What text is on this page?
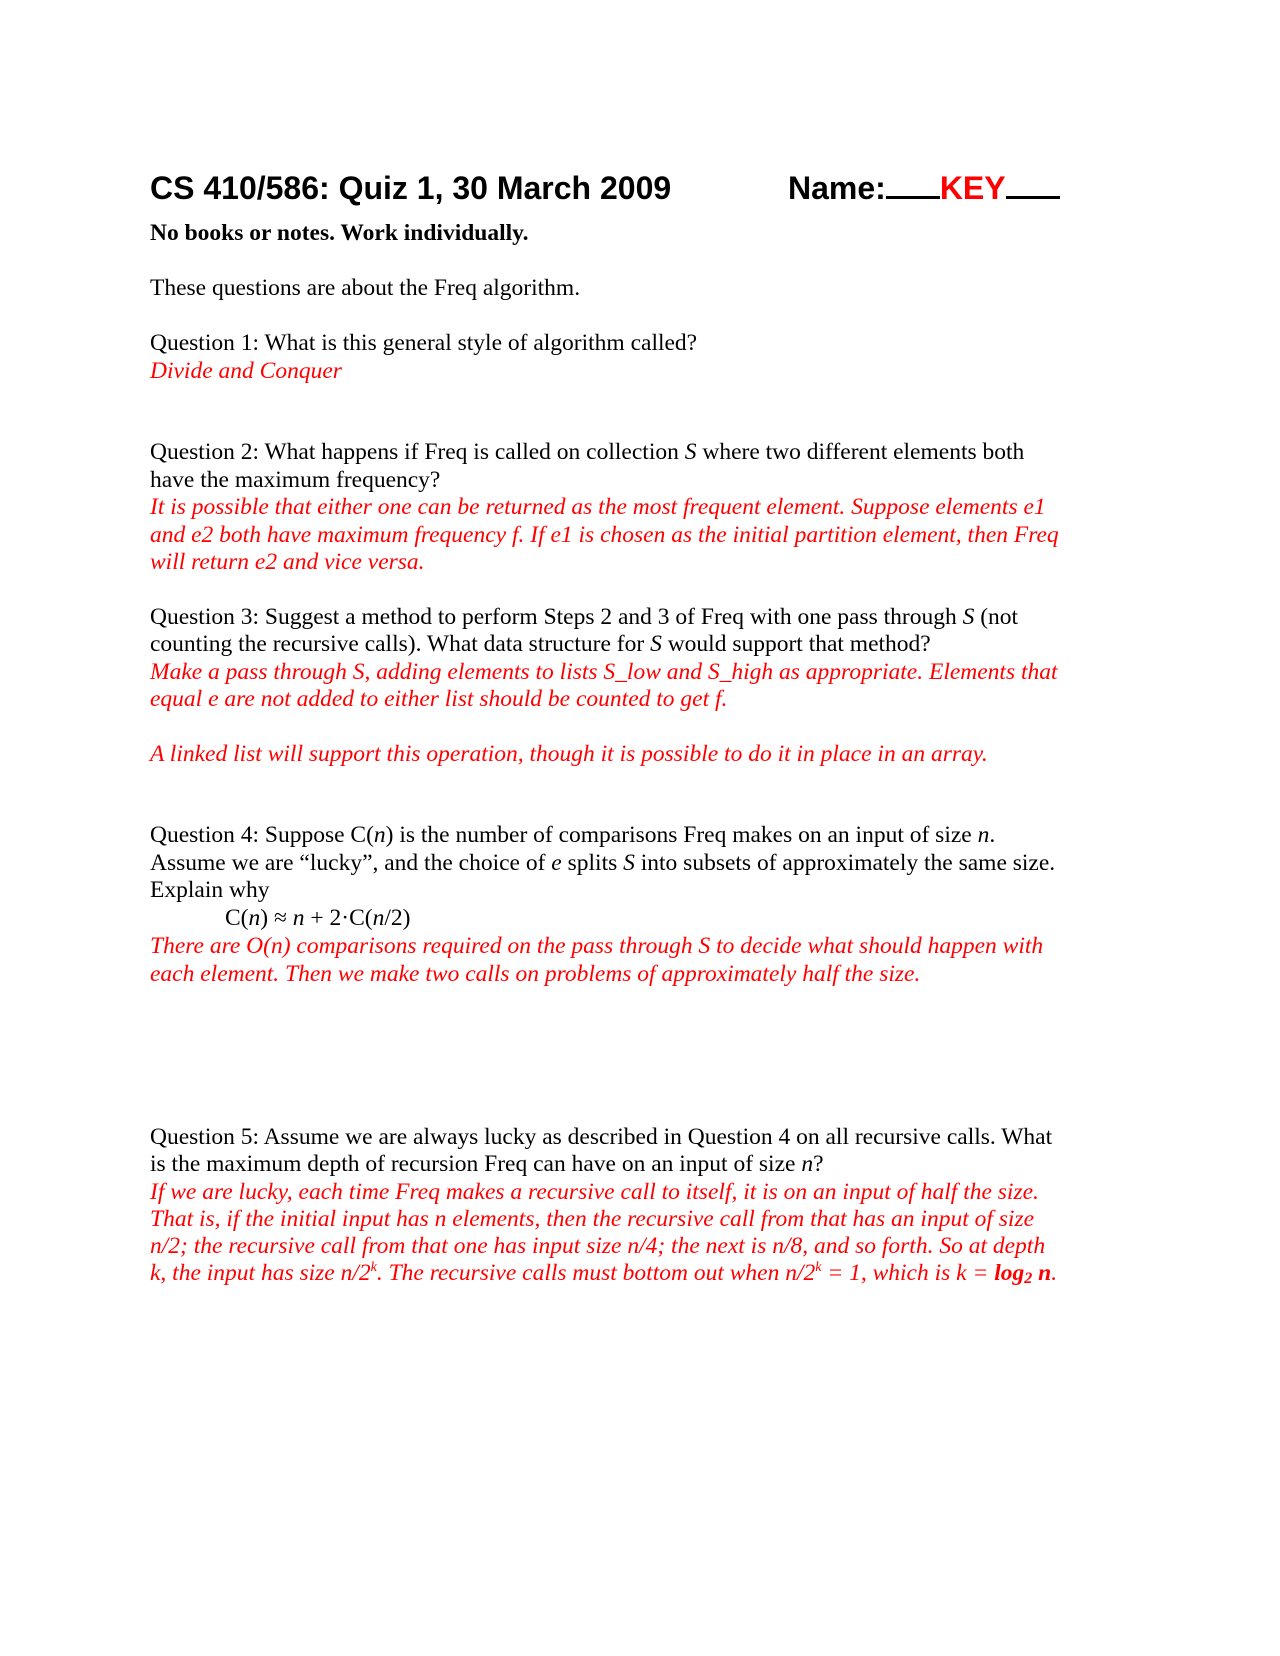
CS 410/586: Quiz 1, 30 March 2009	Name: KEY
No books or notes. Work individually.
These questions are about the Freq algorithm.
Question 1: What is this general style of algorithm called?
Divide and Conquer
Question 2: What happens if Freq is called on collection S where two different elements both
have the maximum frequency?
It is possible that either one can be returned as the most frequent element. Suppose elements e1
and e2 both have maximum frequency f. If e1 is chosen as the initial partition element, then Freq
will return e2 and vice versa.
Question 3: Suggest a method to perform Steps 2 and 3 of Freq with one pass through S (not
counting the recursive calls). What data structure for S would support that method?
Make a pass through S, adding elements to lists S_low and S_high as appropriate. Elements that
equal e are not added to either list should be counted to get f.
A linked list will support this operation, though it is possible to do it in place in an array.
Question 4: Suppose C(n) is the number of comparisons Freq makes on an input of size n.
Assume we are “lucky”, and the choice of e splits S into subsets of approximately the same size.
Explain why
C(n) ≈ n + 2·C(n/2)
There are O(n) comparisons required on the pass through S to decide what should happen with
each element. Then we make two calls on problems of approximately half the size.
Question 5: Assume we are always lucky as described in Question 4 on all recursive calls. What
is the maximum depth of recursion Freq can have on an input of size n?
If we are lucky, each time Freq makes a recursive call to itself, it is on an input of half the size.
That is, if the initial input has n elements, then the recursive call from that has an input of size
n/2; the recursive call from that one has input size n/4; the next is n/8, and so forth. So at depth
k, the input has size n/2$^k$. The recursive calls must bottom out when $n/2^k = 1$, which is $k = \log_2 n$.
